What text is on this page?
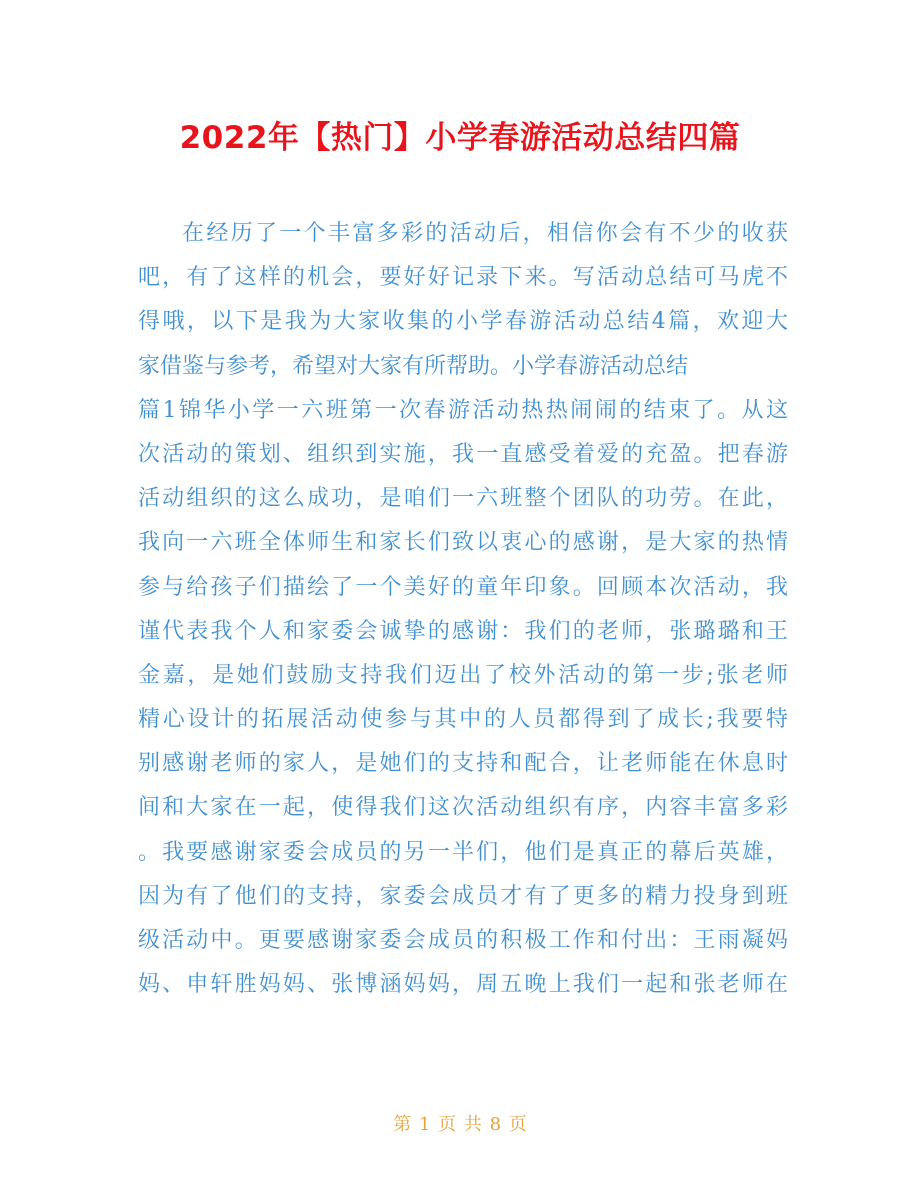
2022年【热门】小学春游活动总结四篇
在经历了一个丰富多彩的活动后，相信你会有不少的收获
吧，有了这样的机会，要好好记录下来。写活动总结可马虎不
得哦，以下是我为大家收集的小学春游活动总结4篇，欢迎大
家借鉴与参考，希望对大家有所帮助。小学春游活动总结
篇1锦华小学一六班第一次春游活动热热闹闹的结束了。从这
次活动的策划、组织到实施，我一直感受着爱的充盈。把春游
活动组织的这么成功，是咱们一六班整个团队的功劳。在此，
我向一六班全体师生和家长们致以衷心的感谢，是大家的热情
参与给孩子们描绘了一个美好的童年印象。回顾本次活动，我
谨代表我个人和家委会诚挚的感谢：我们的老师，张璐璐和王
金嘉，是她们鼓励支持我们迈出了校外活动的第一步;张老师
精心设计的拓展活动使参与其中的人员都得到了成长;我要特
别感谢老师的家人，是她们的支持和配合，让老师能在休息时
间和大家在一起，使得我们这次活动组织有序，内容丰富多彩
。我要感谢家委会成员的另一半们，他们是真正的幕后英雄，
因为有了他们的支持，家委会成员才有了更多的精力投身到班
级活动中。更要感谢家委会成员的积极工作和付出：王雨凝妈
妈、申轩胜妈妈、张博涵妈妈，周五晚上我们一起和张老师在
第 1 页 共 8 页
